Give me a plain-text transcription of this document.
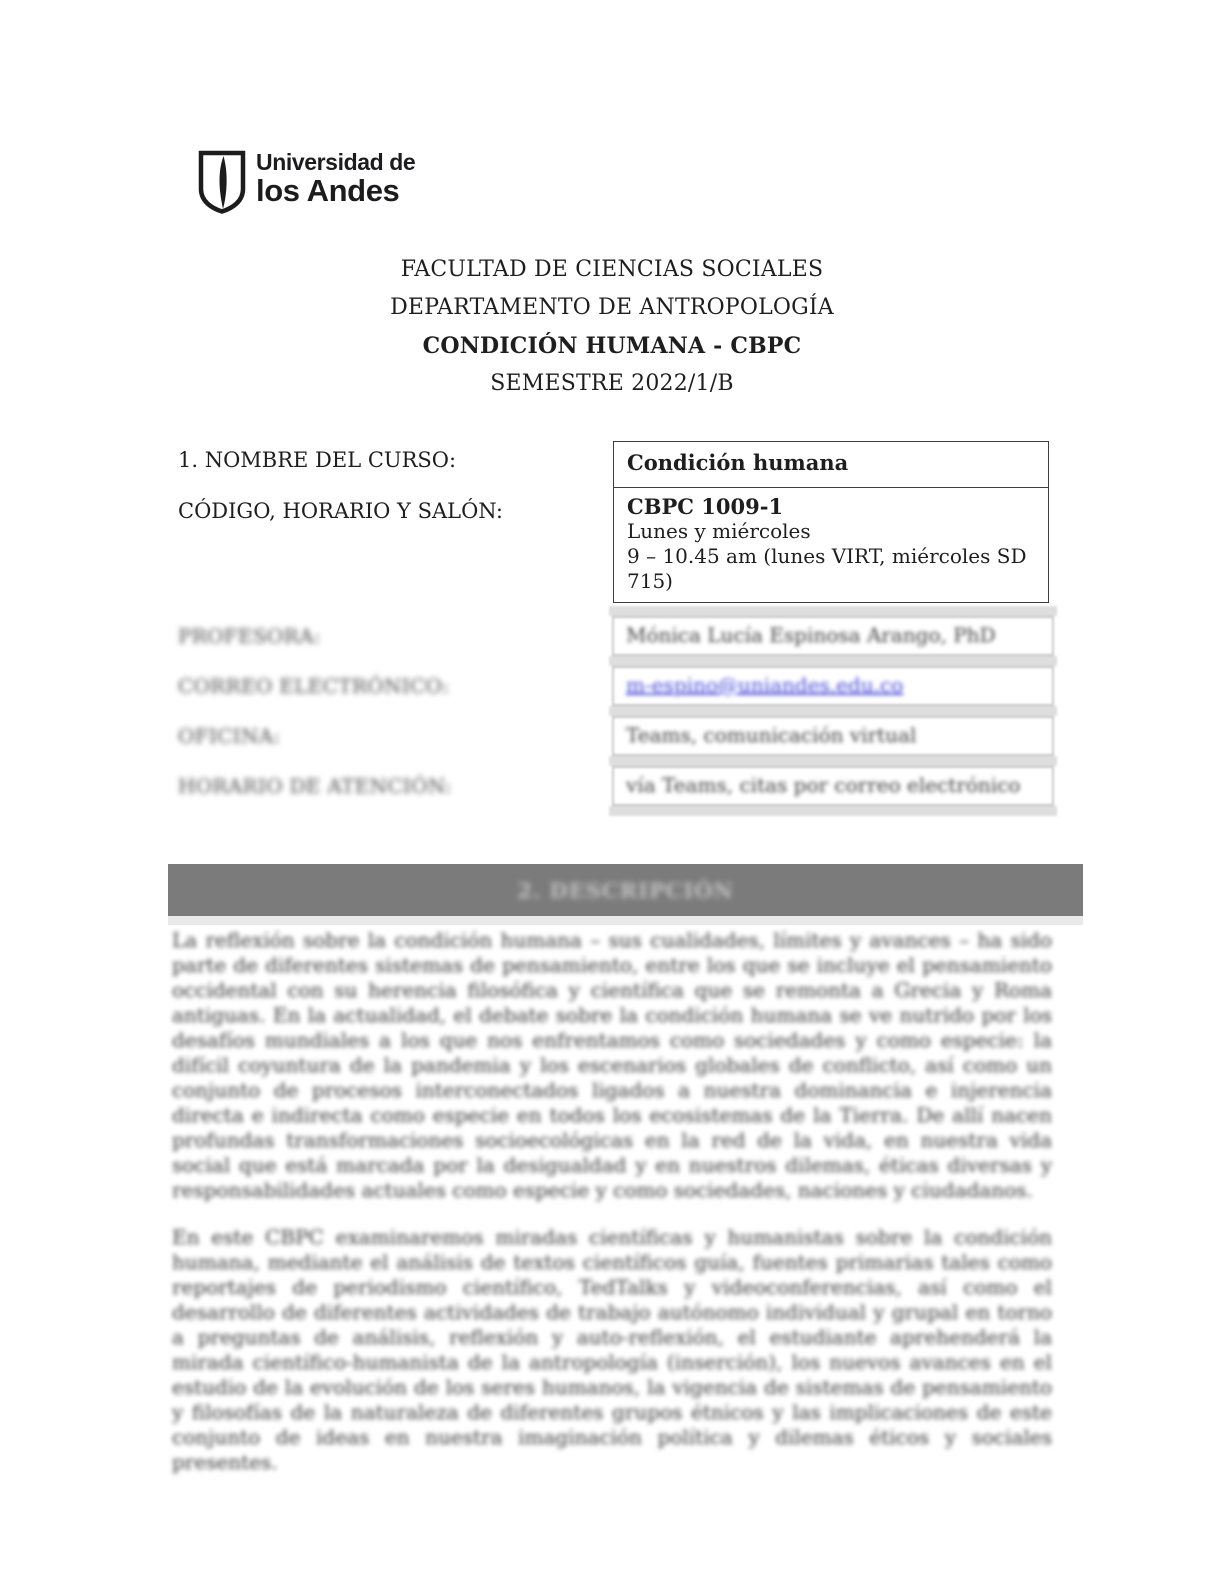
Universidad de
los Andes
FACULTAD DE CIENCIAS SOCIALES
DEPARTAMENTO DE ANTROPOLOGÍA
CONDICIÓN HUMANA - CBPC
SEMESTRE 2022/1/B
1. NOMBRE DEL CURSO:
CÓDIGO, HORARIO Y SALÓN:
Condición humana
CBPC 1009-1
Lunes y miércoles
9 – 10.45 am (lunes VIRT, miércoles SD 715)
PROFESORA:
CORREO ELECTRÓNICO:
OFICINA:
HORARIO DE ATENCIÓN:
Mónica Lucía Espinosa Arango, PhD
m-espino@uniandes.edu.co
Teams, comunicación virtual
vía Teams, citas por correo electrónico
2. DESCRIPCIÓN

La reflexión sobre la condición humana – sus cualidades, límites y avances – ha sido parte de diferentes sistemas de pensamiento, entre los que se incluye el pensamiento occidental con su herencia filosófica y científica que se remonta a Grecia y Roma antiguas. En la actualidad, el debate sobre la condición humana se ve nutrido por los desafíos mundiales a los que nos enfrentamos como sociedades y como especie: la difícil coyuntura de la pandemia y los escenarios globales de conflicto, así como un conjunto de procesos interconectados ligados a nuestra dominancia e injerencia directa e indirecta como especie en todos los ecosistemas de la Tierra. De allí nacen profundas transformaciones socioecológicas en la red de la vida, en nuestra vida social que está marcada por la desigualdad y en nuestros dilemas, éticas diversas y responsabilidades actuales como especie y como sociedades, naciones y ciudadanos.

En este CBPC examinaremos miradas científicas y humanistas sobre la condición humana, mediante el análisis de textos científicos guía, fuentes primarias tales como reportajes de periodismo científico, TedTalks y videoconferencias, así como el desarrollo de diferentes actividades de trabajo autónomo individual y grupal en torno a preguntas de análisis, reflexión y auto-reflexión, el estudiante aprehenderá la mirada científico-humanista de la antropología (inserción), los nuevos avances en el estudio de la evolución de los seres humanos, la vigencia de sistemas de pensamiento y filosofías de la naturaleza de diferentes grupos étnicos y las implicaciones de este conjunto de ideas en nuestra imaginación política y dilemas éticos y sociales presentes.
